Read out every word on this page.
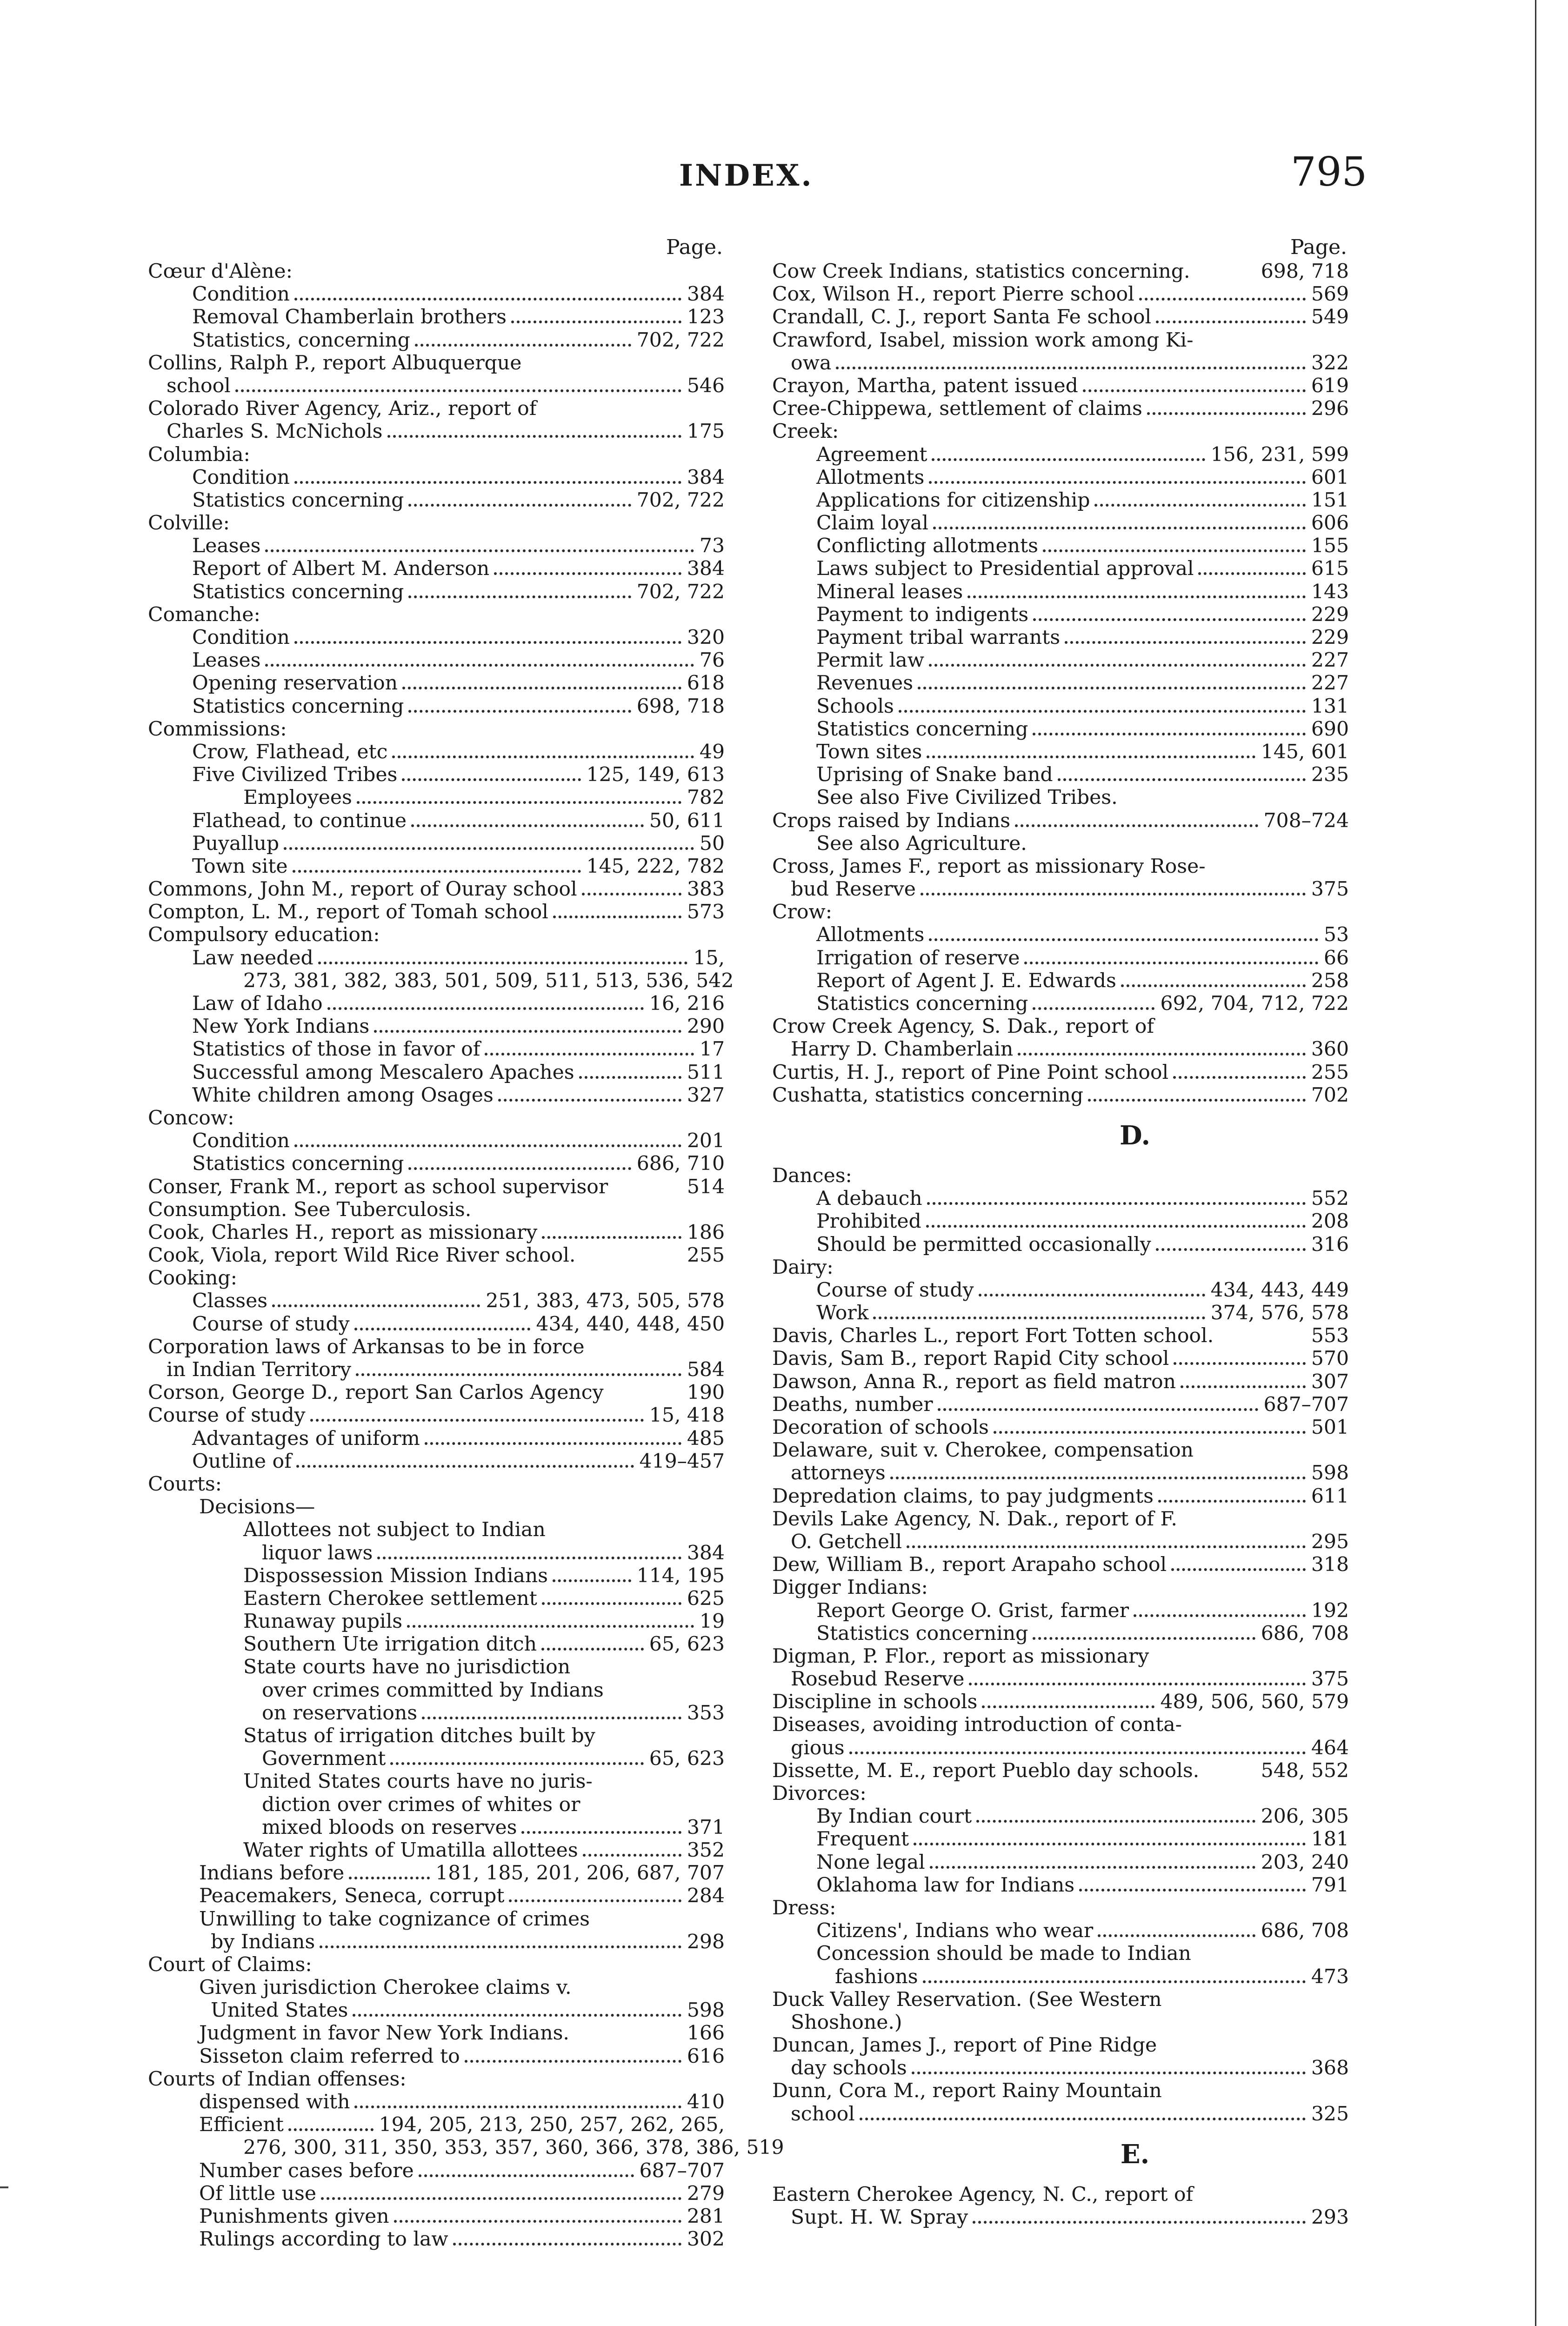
INDEX.	795
Page.
Cœur d'Alène:
Condition	384
Removal Chamberlain brothers	123
Statistics, concerning	702, 722
Collins, Ralph P., report Albuquerque
school	546
Colorado River Agency, Ariz., report of
Charles S. McNichols	175
Columbia:
Condition	384
Statistics concerning	702, 722
Colville:
Leases	73
Report of Albert M. Anderson	384
Statistics concerning	702, 722
Comanche:
Condition	320
Leases	76
Opening reservation	618
Statistics concerning	698, 718
Commissions:
Crow, Flathead, etc	49
Five Civilized Tribes	125, 149, 613
Employees	782
Flathead, to continue	50, 611
Puyallup	50
Town site	145, 222, 782
Commons, John M., report of Ouray school	383
Compton, L. M., report of Tomah school	573
Compulsory education:
Law needed	15,
273, 381, 382, 383, 501, 509, 511, 513, 536, 542
Law of Idaho	16, 216
New York Indians	290
Statistics of those in favor of	17
Successful among Mescalero Apaches	511
White children among Osages	327
Concow:
Condition	201
Statistics concerning	686, 710
Conser, Frank M., report as school supervisor	514
Consumption. See Tuberculosis.
Cook, Charles H., report as missionary	186
Cook, Viola, report Wild Rice River school.	255
Cooking:
Classes	251, 383, 473, 505, 578
Course of study	434, 440, 448, 450
Corporation laws of Arkansas to be in force
in Indian Territory	584
Corson, George D., report San Carlos Agency	190
Course of study	15, 418
Advantages of uniform	485
Outline of	419–457
Courts:
Decisions—
Allottees not subject to Indian
liquor laws	384
Dispossession Mission Indians	114, 195
Eastern Cherokee settlement	625
Runaway pupils	19
Southern Ute irrigation ditch	65, 623
State courts have no jurisdiction
over crimes committed by Indians
on reservations	353
Status of irrigation ditches built by
Government	65, 623
United States courts have no juris-
diction over crimes of whites or
mixed bloods on reserves	371
Water rights of Umatilla allottees	352
Indians before	181, 185, 201, 206, 687, 707
Peacemakers, Seneca, corrupt	284
Unwilling to take cognizance of crimes
by Indians	298
Court of Claims:
Given jurisdiction Cherokee claims v.
United States	598
Judgment in favor New York Indians.	166
Sisseton claim referred to	616
Courts of Indian offenses:
dispensed with	410
Efficient	194, 205, 213, 250, 257, 262, 265,
276, 300, 311, 350, 353, 357, 360, 366, 378, 386, 519
Number cases before	687–707
Of little use	279
Punishments given	281
Rulings according to law	302
Page.
Cow Creek Indians, statistics concerning.	698, 718
Cox, Wilson H., report Pierre school	569
Crandall, C. J., report Santa Fe school	549
Crawford, Isabel, mission work among Ki-
owa	322
Crayon, Martha, patent issued	619
Cree-Chippewa, settlement of claims	296
Creek:
Agreement	156, 231, 599
Allotments	601
Applications for citizenship	151
Claim loyal	606
Conflicting allotments	155
Laws subject to Presidential approval	615
Mineral leases	143
Payment to indigents	229
Payment tribal warrants	229
Permit law	227
Revenues	227
Schools	131
Statistics concerning	690
Town sites	145, 601
Uprising of Snake band	235
See also Five Civilized Tribes.
Crops raised by Indians	708–724
See also Agriculture.
Cross, James F., report as missionary Rose-
bud Reserve	375
Crow:
Allotments	53
Irrigation of reserve	66
Report of Agent J. E. Edwards	258
Statistics concerning	692, 704, 712, 722
Crow Creek Agency, S. Dak., report of
Harry D. Chamberlain	360
Curtis, H. J., report of Pine Point school	255
Cushatta, statistics concerning	702
D.
Dances:
A debauch	552
Prohibited	208
Should be permitted occasionally	316
Dairy:
Course of study	434, 443, 449
Work	374, 576, 578
Davis, Charles L., report Fort Totten school.	553
Davis, Sam B., report Rapid City school	570
Dawson, Anna R., report as field matron	307
Deaths, number	687–707
Decoration of schools	501
Delaware, suit v. Cherokee, compensation
attorneys	598
Depredation claims, to pay judgments	611
Devils Lake Agency, N. Dak., report of F.
O. Getchell	295
Dew, William B., report Arapaho school	318
Digger Indians:
Report George O. Grist, farmer	192
Statistics concerning	686, 708
Digman, P. Flor., report as missionary
Rosebud Reserve	375
Discipline in schools	489, 506, 560, 579
Diseases, avoiding introduction of conta-
gious	464
Dissette, M. E., report Pueblo day schools.	548, 552
Divorces:
By Indian court	206, 305
Frequent	181
None legal	203, 240
Oklahoma law for Indians	791
Dress:
Citizens', Indians who wear	686, 708
Concession should be made to Indian
fashions	473
Duck Valley Reservation. (See Western
Shoshone.)
Duncan, James J., report of Pine Ridge
day schools	368
Dunn, Cora M., report Rainy Mountain
school	325
E.
Eastern Cherokee Agency, N. C., report of
Supt. H. W. Spray	293
